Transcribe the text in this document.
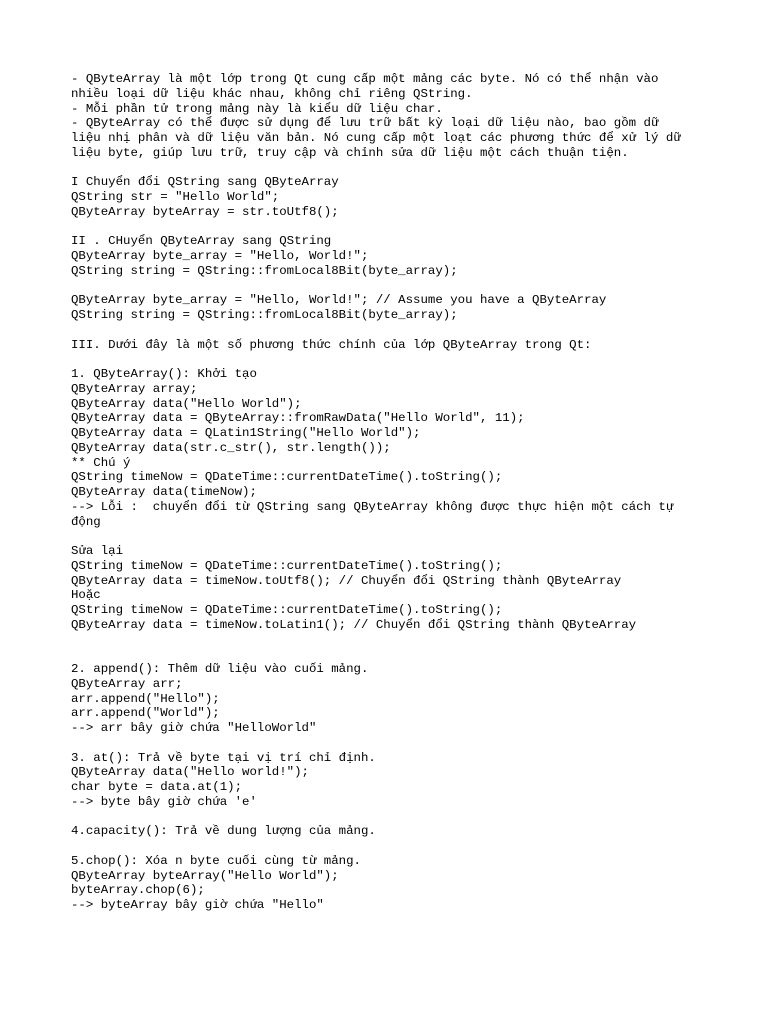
- QByteArray là một lớp trong Qt cung cấp một mảng các byte. Nó có thể nhận vào
nhiều loại dữ liệu khác nhau, không chỉ riêng QString.
- Mỗi phần tử trong mảng này là kiểu dữ liệu char.
- QByteArray có thể được sử dụng để lưu trữ bất kỳ loại dữ liệu nào, bao gồm dữ
liệu nhị phân và dữ liệu văn bản. Nó cung cấp một loạt các phương thức để xử lý dữ
liệu byte, giúp lưu trữ, truy cập và chỉnh sửa dữ liệu một cách thuận tiện.
I Chuyển đổi QString sang QByteArray
QString str = "Hello World";
QByteArray byteArray = str.toUtf8();
II . CHuyển QByteArray sang QString
QByteArray byte_array = "Hello, World!";
QString string = QString::fromLocal8Bit(byte_array);
QByteArray byte_array = "Hello, World!"; // Assume you have a QByteArray
QString string = QString::fromLocal8Bit(byte_array);
III. Dưới đây là một số phương thức chính của lớp QByteArray trong Qt:
1. QByteArray(): Khởi tạo
QByteArray array;
QByteArray data("Hello World");
QByteArray data = QByteArray::fromRawData("Hello World", 11);
QByteArray data = QLatin1String("Hello World");
QByteArray data(str.c_str(), str.length());
** Chú ý
QString timeNow = QDateTime::currentDateTime().toString();
QByteArray data(timeNow);
--> Lỗi :  chuyển đổi từ QString sang QByteArray không được thực hiện một cách tự
động
Sửa lại
QString timeNow = QDateTime::currentDateTime().toString();
QByteArray data = timeNow.toUtf8(); // Chuyển đổi QString thành QByteArray
Hoặc
QString timeNow = QDateTime::currentDateTime().toString();
QByteArray data = timeNow.toLatin1(); // Chuyển đổi QString thành QByteArray
2. append(): Thêm dữ liệu vào cuối mảng.
QByteArray arr;
arr.append("Hello");
arr.append("World");
--> arr bây giờ chứa "HelloWorld"
3. at(): Trả về byte tại vị trí chỉ định.
QByteArray data("Hello world!");
char byte = data.at(1);
--> byte bây giờ chứa 'e'
4.capacity(): Trả về dung lượng của mảng.
5.chop(): Xóa n byte cuối cùng từ mảng.
QByteArray byteArray("Hello World");
byteArray.chop(6);
--> byteArray bây giờ chứa "Hello"
